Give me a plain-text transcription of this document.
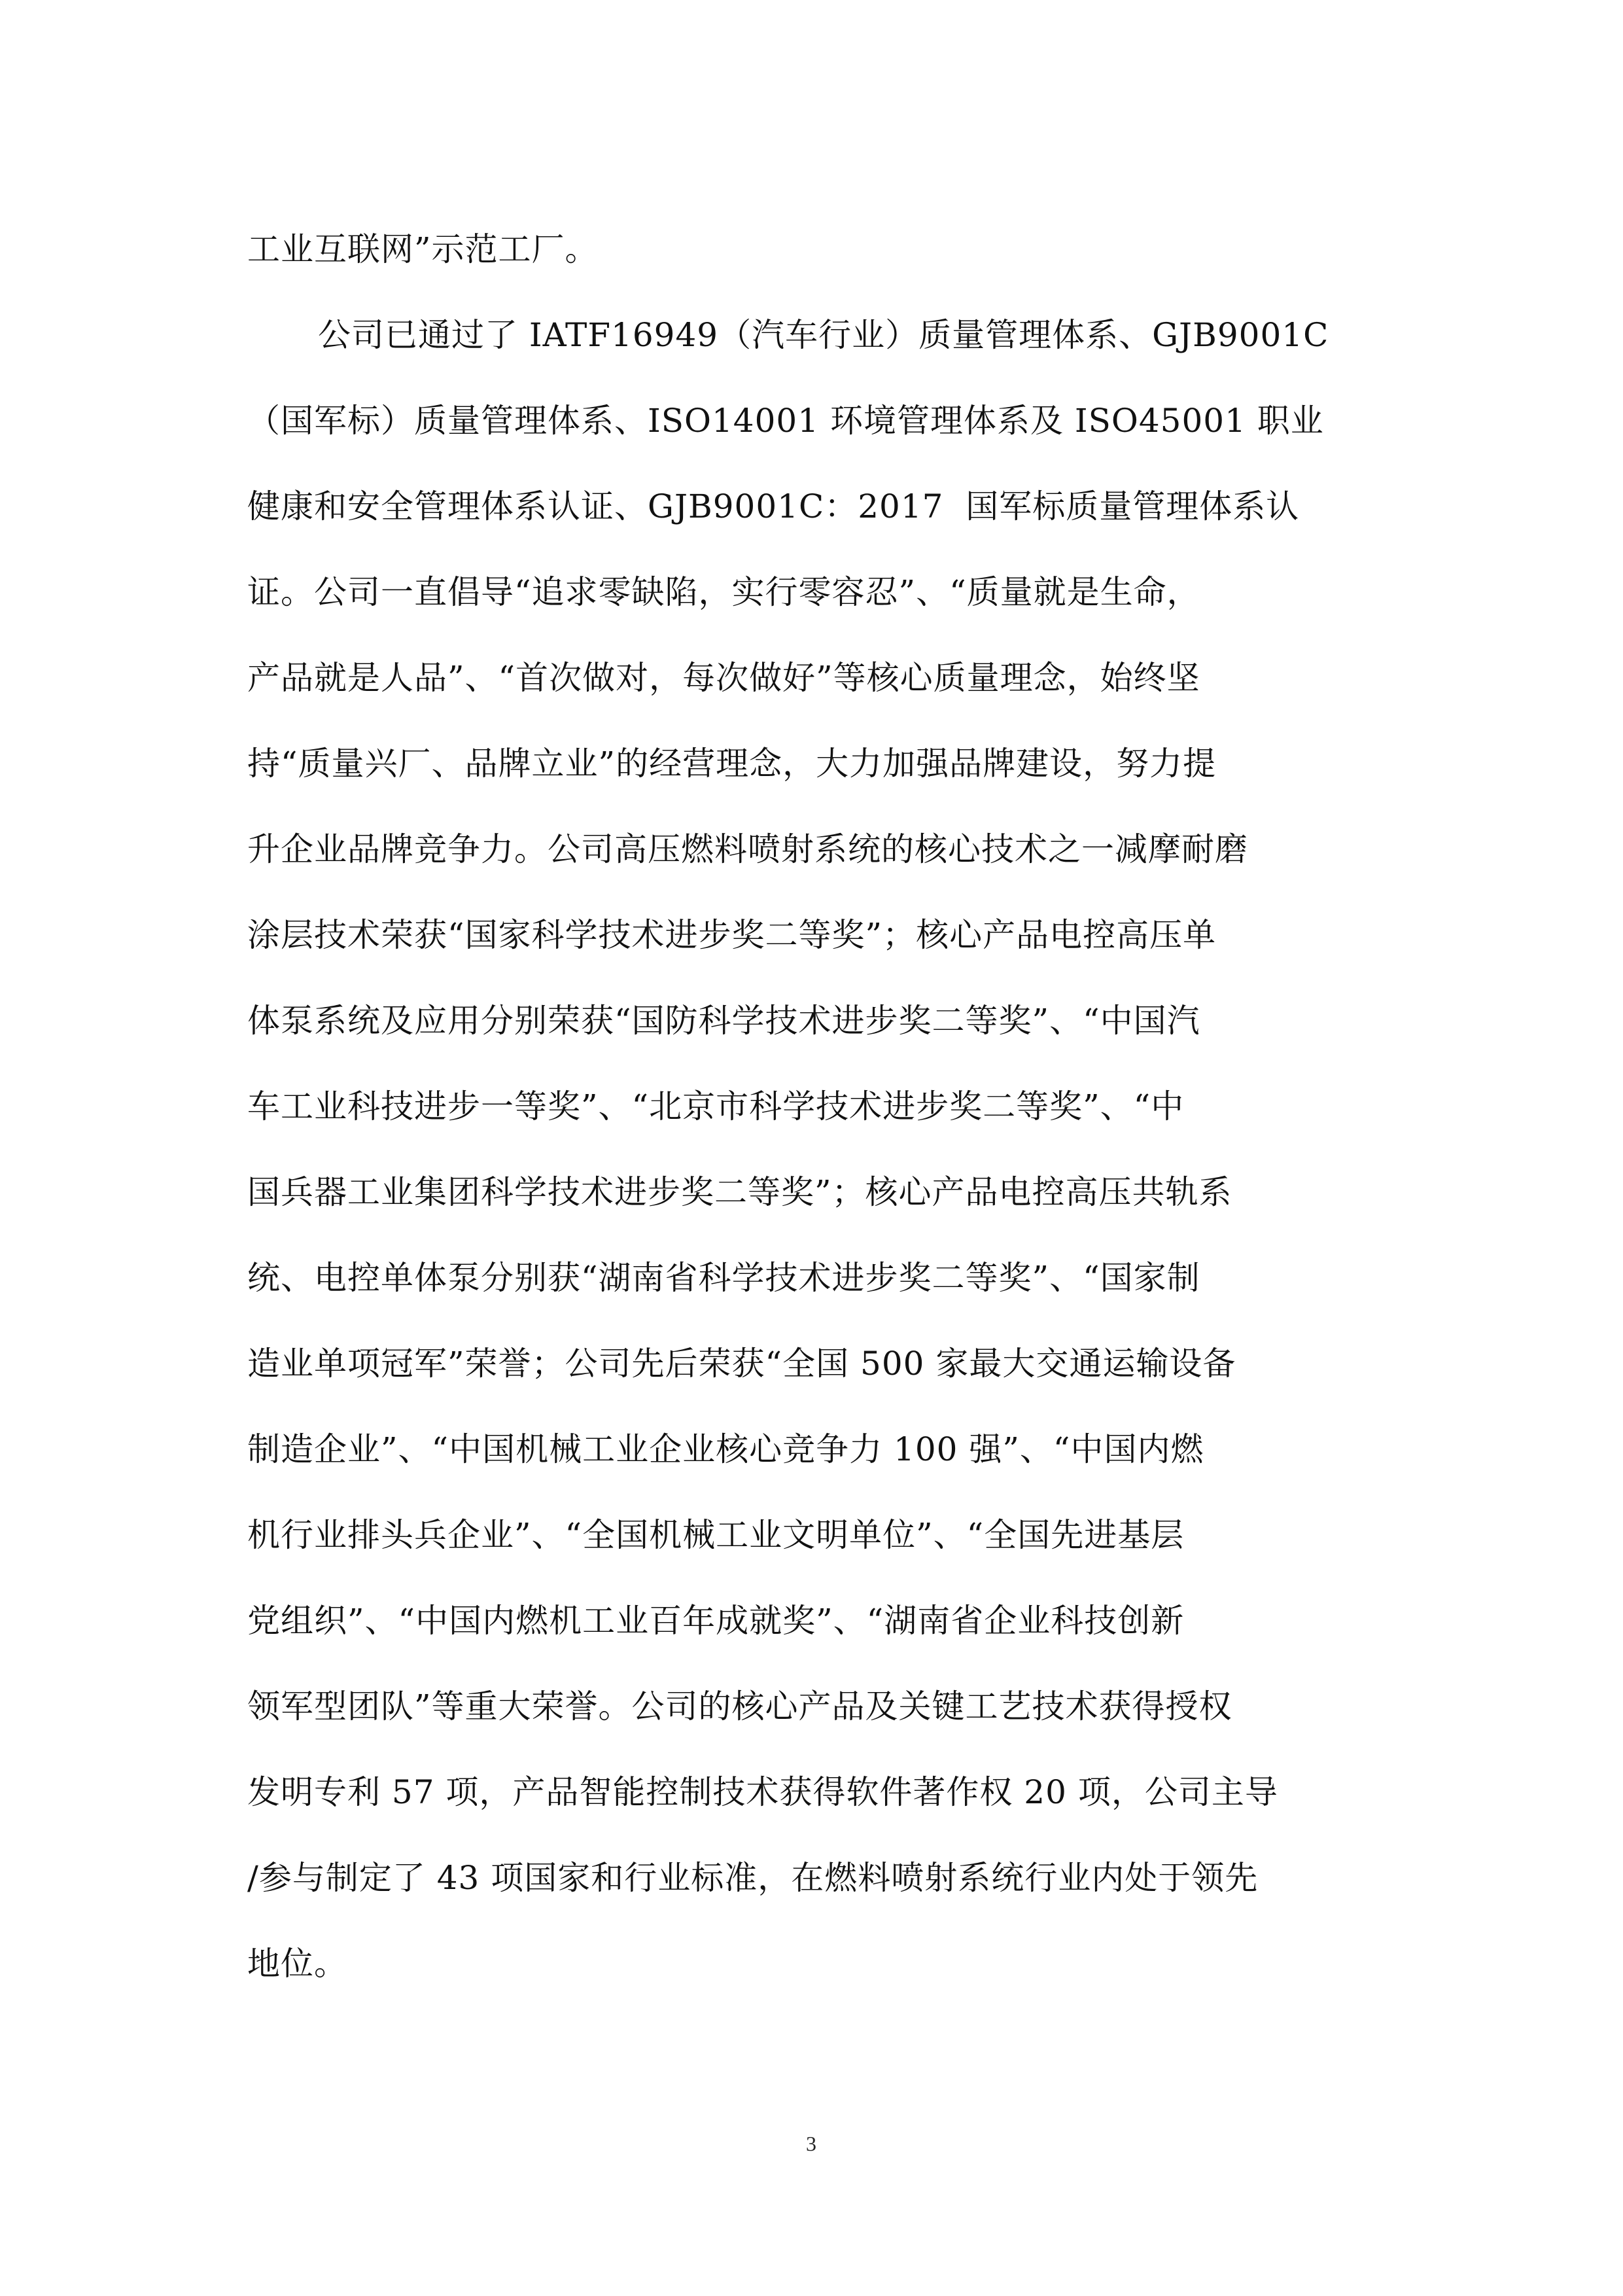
工业互联网”示范工厂。
公司已通过了 IATF16949（汽车行业）质量管理体系、GJB9001C
（国军标）质量管理体系、ISO14001 环境管理体系及 ISO45001 职业
健康和安全管理体系认证、GJB9001C：2017  国军标质量管理体系认
证。公司一直倡导“追求零缺陷，实行零容忍”、“质量就是生命，
产品就是人品”、“首次做对，每次做好”等核心质量理念，始终坚
持“质量兴厂、品牌立业”的经营理念，大力加强品牌建设，努力提
升企业品牌竞争力。公司高压燃料喷射系统的核心技术之一减摩耐磨
涂层技术荣获“国家科学技术进步奖二等奖”；核心产品电控高压单
体泵系统及应用分别荣获“国防科学技术进步奖二等奖”、“中国汽
车工业科技进步一等奖”、“北京市科学技术进步奖二等奖”、“中
国兵器工业集团科学技术进步奖二等奖”；核心产品电控高压共轨系
统、电控单体泵分别获“湖南省科学技术进步奖二等奖”、“国家制
造业单项冠军”荣誉；公司先后荣获“全国 500 家最大交通运输设备
制造企业”、“中国机械工业企业核心竞争力 100 强”、“中国内燃
机行业排头兵企业”、“全国机械工业文明单位”、“全国先进基层
党组织”、“中国内燃机工业百年成就奖”、“湖南省企业科技创新
领军型团队”等重大荣誉。公司的核心产品及关键工艺技术获得授权
发明专利 57 项，产品智能控制技术获得软件著作权 20 项，公司主导
/参与制定了 43 项国家和行业标准，在燃料喷射系统行业内处于领先
地位。
3
